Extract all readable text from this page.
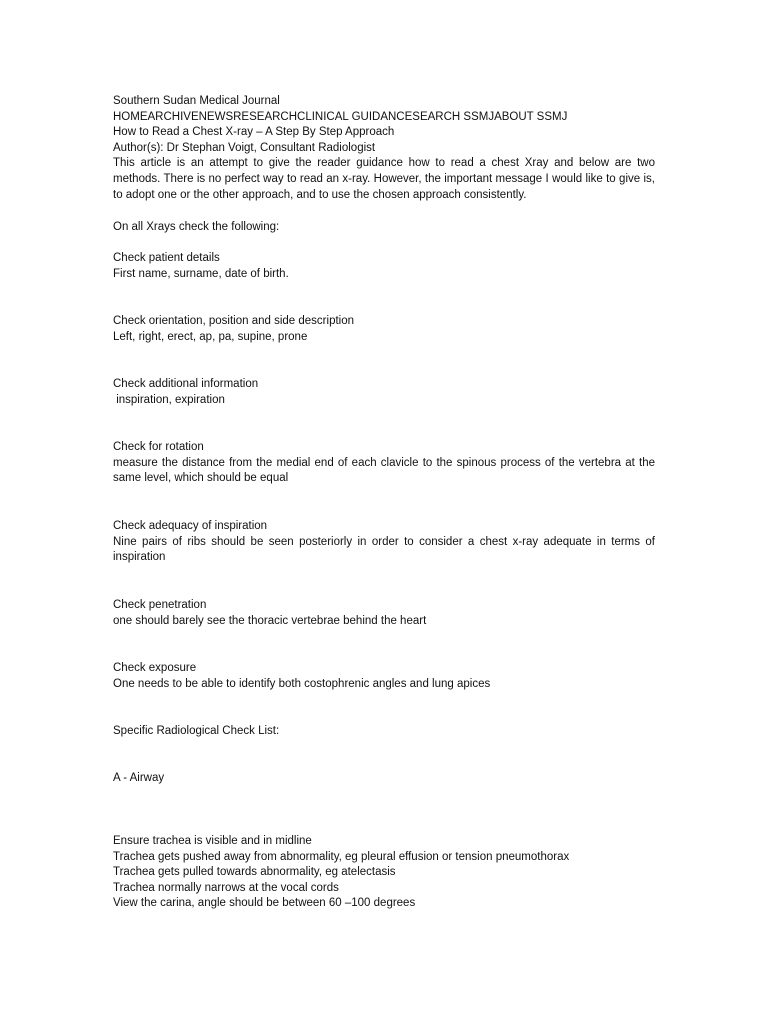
Southern Sudan Medical Journal

HOMEARCHIVENEWSRESEARCHCLINICAL GUIDANCESEARCH SSMJABOUT SSMJ

How to Read a Chest X-ray – A Step By Step Approach

Author(s): Dr Stephan Voigt, Consultant Radiologist

This article is an attempt to give the reader guidance how to read a chest Xray and below are two methods. There is no perfect way to read an x-ray. However, the important message I would like to give is, to adopt one or the other approach, and to use the chosen approach consistently.

On all Xrays check the following:

Check patient details

First name, surname, date of birth.

Check orientation, position and side description

Left, right, erect, ap, pa, supine, prone

Check additional information

inspiration, expiration

Check for rotation

measure the distance from the medial end of each clavicle to the spinous process of the vertebra at the same level, which should be equal

Check adequacy of inspiration

Nine pairs of ribs should be seen posteriorly in order to consider a chest x-ray adequate in terms of inspiration

Check penetration

one should barely see the thoracic vertebrae behind the heart

Check exposure

One needs to be able to identify both costophrenic angles and lung apices

Specific Radiological Check List:

A - Airway

Ensure trachea is visible and in midline

Trachea gets pushed away from abnormality, eg pleural effusion or tension pneumothorax

Trachea gets pulled towards abnormality, eg atelectasis

Trachea normally narrows at the vocal cords

View the carina, angle should be between 60 –100 degrees
